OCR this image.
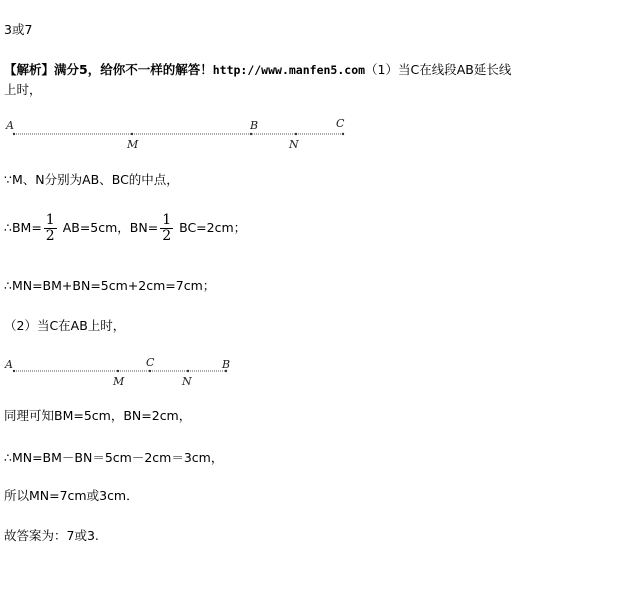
3或7
【解析】满分5，给你不一样的解答！http://www.manfen5.com（1）当C在线段AB延长线
上时，
A
M
B
N
C
∵M、N分别为AB、BC的中点，
∴BM= $\frac{1}{2} AB=5cm$，$BN= \frac{1}{2} BC=2cm$；
∴MN=BM+BN=5cm+2cm=7cm；
（2）当C在AB上时，
A
M
C
N
B
同理可知BM=5cm，BN=2cm，
∴MN=BM－BN＝5cm－2cm＝3cm，
所以MN=7cm或3cm．
故答案为：7或3.
